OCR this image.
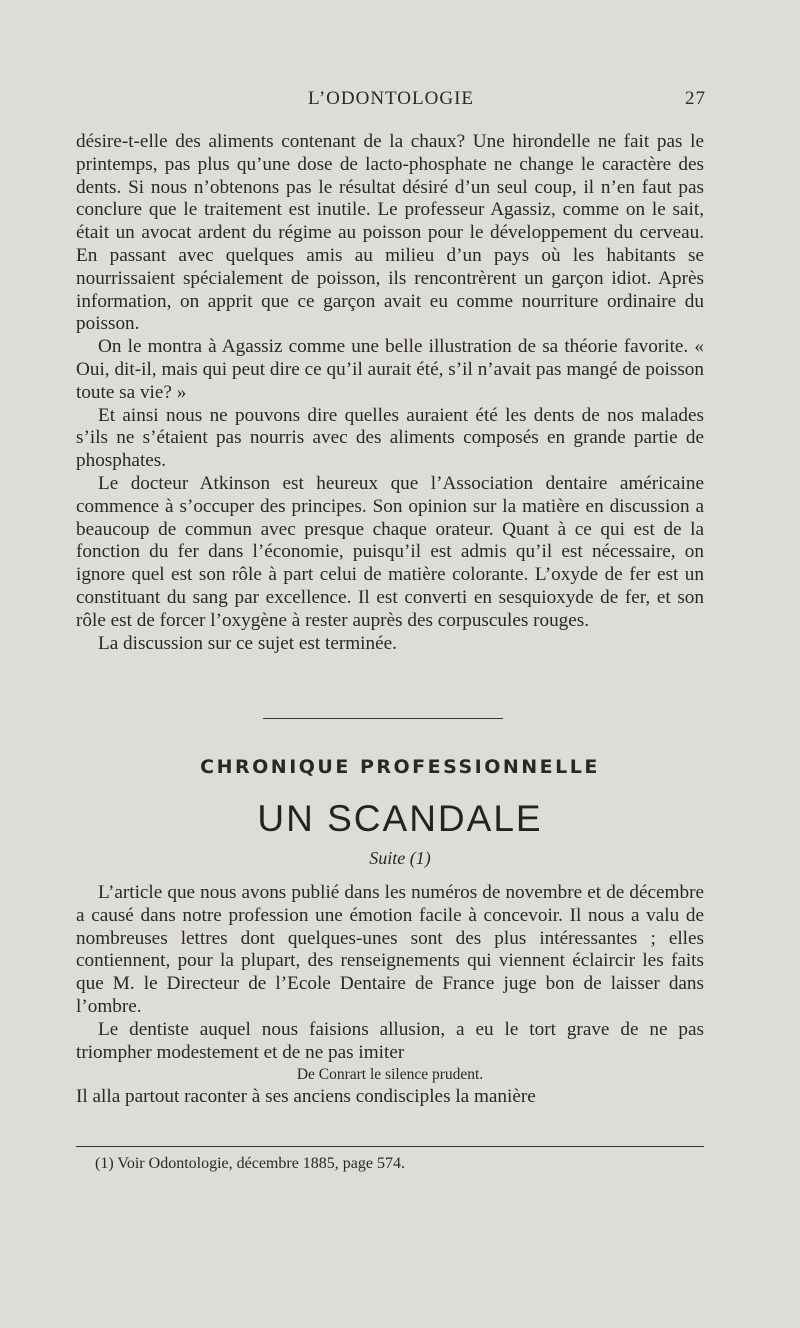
L’ODONTOLOGIE	27

désire-t-elle des aliments contenant de la chaux? Une hirondelle ne fait pas le printemps, pas plus qu’une dose de lacto-phosphate ne change le caractère des dents. Si nous n’obtenons pas le résultat désiré d’un seul coup, il n’en faut pas conclure que le traitement est inutile. Le professeur Agassiz, comme on le sait, était un avocat ardent du régime au poisson pour le développement du cerveau. En passant avec quelques amis au milieu d’un pays où les habitants se nourrissaient spécialement de poisson, ils rencontrèrent un garçon idiot. Après information, on apprit que ce garçon avait eu comme nourriture ordinaire du poisson.

On le montra à Agassiz comme une belle illustration de sa théorie favorite. « Oui, dit-il, mais qui peut dire ce qu’il aurait été, s’il n’avait pas mangé de poisson toute sa vie? »

Et ainsi nous ne pouvons dire quelles auraient été les dents de nos malades s’ils ne s’étaient pas nourris avec des aliments composés en grande partie de phosphates.

Le docteur Atkinson est heureux que l’Association dentaire américaine commence à s’occuper des principes. Son opinion sur la matière en discussion a beaucoup de commun avec presque chaque orateur. Quant à ce qui est de la fonction du fer dans l’économie, puisqu’il est admis qu’il est nécessaire, on ignore quel est son rôle à part celui de matière colorante. L’oxyde de fer est un constituant du sang par excellence. Il est converti en sesquioxyde de fer, et son rôle est de forcer l’oxygène à rester auprès des corpuscules rouges.

La discussion sur ce sujet est terminée.

CHRONIQUE PROFESSIONNELLE
UN SCANDALE
Suite (1)

L’article que nous avons publié dans les numéros de novembre et de décembre a causé dans notre profession une émotion facile à concevoir. Il nous a valu de nombreuses lettres dont quelques-unes sont des plus intéressantes ; elles contiennent, pour la plupart, des renseignements qui viennent éclaircir les faits que M. le Directeur de l’Ecole Dentaire de France juge bon de laisser dans l’ombre.

Le dentiste auquel nous faisions allusion, a eu le tort grave de ne pas triompher modestement et de ne pas imiter

De Conrart le silence prudent.

Il alla partout raconter à ses anciens condisciples la manière

(1) Voir Odontologie, décembre 1885, page 574.
